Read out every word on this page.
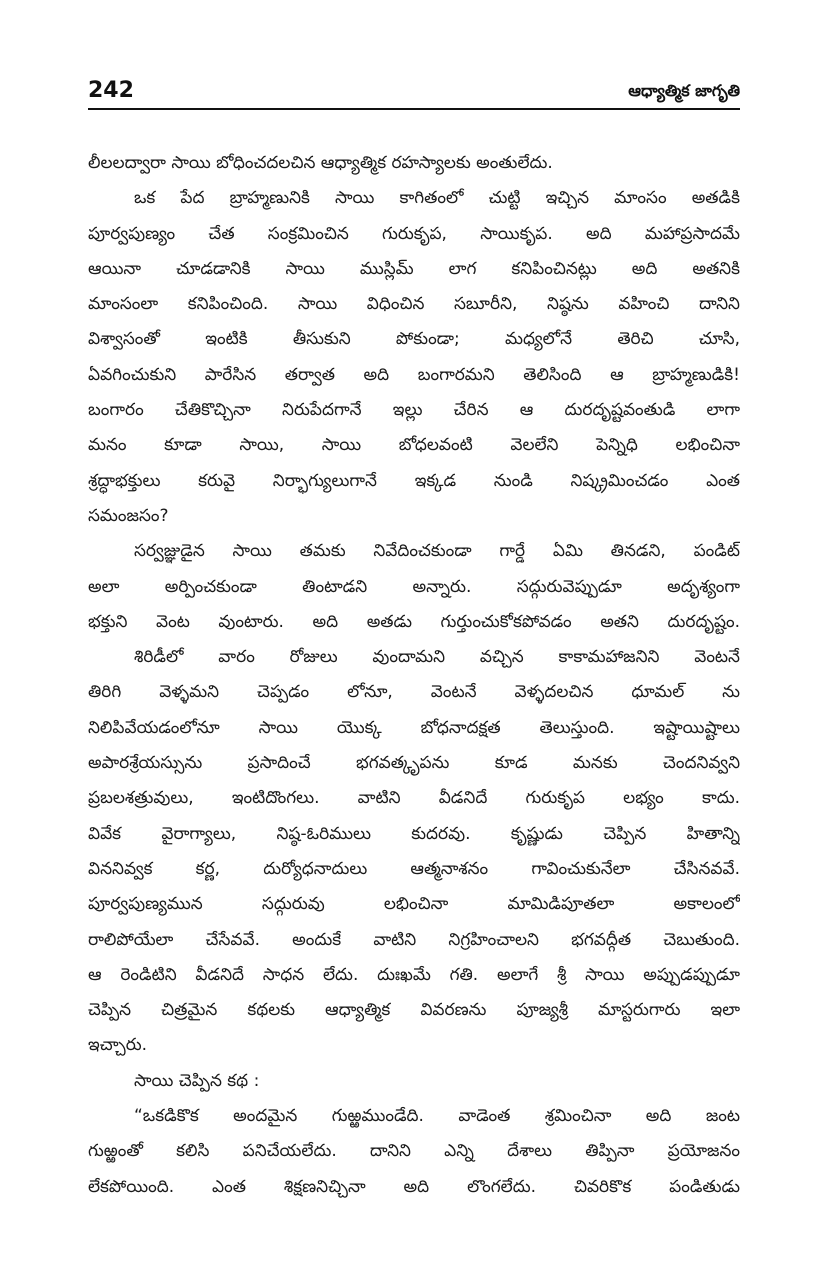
242	ఆధ్యాత్మిక జాగృతి
లీలలద్వారా సాయి బోధించదలచిన ఆధ్యాత్మిక రహస్యాలకు అంతులేదు.
ఒక పేద బ్రాహ్మణునికి సాయి కాగితంలో చుట్టి ఇచ్చిన మాంసం అతడికి
పూర్వపుణ్యం చేత సంక్రమించిన గురుకృప, సాయికృప. అది మహాప్రసాదమే
ఆయినా చూడడానికి సాయి ముస్లిమ్ లాగ కనిపించినట్లు అది అతనికి
మాంసంలా కనిపించింది. సాయి విధించిన సబూరీని, నిష్ఠను వహించి దానిని
విశ్వాసంతో ఇంటికి తీసుకుని పోకుండా; మధ్యలోనే తెరిచి చూసి,
ఏవగించుకుని పారేసిన తర్వాత అది బంగారమని తెలిసింది ఆ బ్రాహ్మణుడికి!
బంగారం చేతికొచ్చినా నిరుపేదగానే ఇల్లు చేరిన ఆ దురదృష్టవంతుడి లాగా
మనం కూడా సాయి, సాయి బోధలవంటి వెలలేని పెన్నిధి లభించినా
శ్రద్ధాభక్తులు కరువై నిర్భాగ్యులుగానే ఇక్కడ నుండి నిష్క్రమించడం ఎంత
సమంజసం?
సర్వజ్ఞుడైన సాయి తమకు నివేదించకుండా గార్డే ఏమి తినడని, పండిట్
అలా అర్పించకుండా తింటాడని అన్నారు. సద్గురువెప్పుడూ అదృశ్యంగా
భక్తుని వెంట వుంటారు. అది అతడు గుర్తుంచుకోకపోవడం అతని దురదృష్టం.
శిరిడీలో వారం రోజులు వుందామని వచ్చిన కాకామహాజనిని వెంటనే
తిరిగి వెళ్ళమని చెప్పడం లోనూ, వెంటనే వెళ్ళదలచిన ధూమల్ ను
నిలిపివేయడంలోనూ సాయి యొక్క బోధనాదక్షత తెలుస్తుంది. ఇష్టాయిష్టాలు
అపారశ్రేయస్సును ప్రసాదించే భగవత్కృపను కూడ మనకు చెందనివ్వని
ప్రబలశత్రువులు, ఇంటిదొంగలు. వాటిని వీడనిదే గురుకృప లభ్యం కాదు.
వివేక వైరాగ్యాలు, నిష్ఠ-ఓరిములు కుదరవు. కృష్ణుడు చెప్పిన హితాన్ని
విననివ్వక కర్ణ, దుర్యోధనాదులు ఆత్మనాశనం గావించుకునేలా చేసినవవే.
పూర్వపుణ్యమున సద్గురువు లభించినా మామిడిపూతలా అకాలంలో
రాలిపోయేలా చేసేవవే. అందుకే వాటిని నిగ్రహించాలని భగవద్గీత చెబుతుంది.
ఆ రెండిటిని వీడనిదే సాధన లేదు. దుఃఖమే గతి. అలాగే శ్రీ సాయి అప్పుడప్పుడూ
చెప్పిన చిత్రమైన కథలకు ఆధ్యాత్మిక వివరణను పూజ్యశ్రీ మాస్టరుగారు ఇలా
ఇచ్చారు.
సాయి చెప్పిన కథ :
“ఒకడికొక అందమైన గుఱ్ఱముండేది. వాడెంత శ్రమించినా అది జంట
గుఱ్ఱంతో కలిసి పనిచేయలేదు. దానిని ఎన్ని దేశాలు తిప్పినా ప్రయోజనం
లేకపోయింది. ఎంత శిక్షణనిచ్చినా అది లొంగలేదు. చివరికొక పండితుడు
